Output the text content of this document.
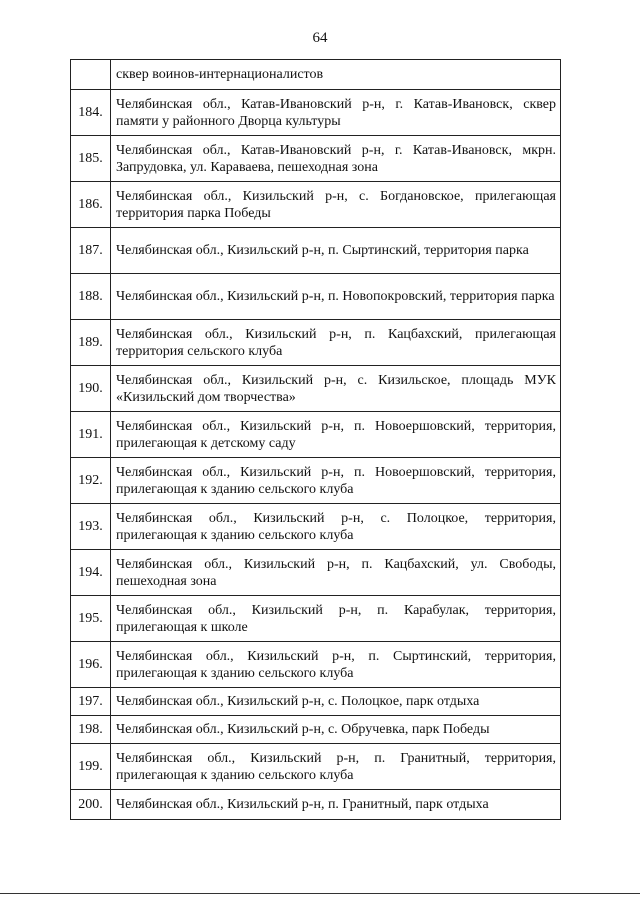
64
	сквер воинов-интернационалистов
184.	Челябинская обл., Катав-Ивановский р-н, г. Катав-Ивановск, сквер памяти у районного Дворца культуры
185.	Челябинская обл., Катав-Ивановский р-н, г. Катав-Ивановск, мкрн. Запрудовка, ул. Караваева, пешеходная зона
186.	Челябинская обл., Кизильский р-н, с. Богдановское, прилегающая территория парка Победы
187.	Челябинская обл., Кизильский р-н, п. Сыртинский, территория парка
188.	Челябинская обл., Кизильский р-н, п. Новопокровский, территория парка
189.	Челябинская обл., Кизильский р-н, п. Кацбахский, прилегающая территория сельского клуба
190.	Челябинская обл., Кизильский р-н, с. Кизильское, площадь МУК «Кизильский дом творчества»
191.	Челябинская обл., Кизильский р-н, п. Новоершовский, территория, прилегающая к детскому саду
192.	Челябинская обл., Кизильский р-н, п. Новоершовский, территория, прилегающая к зданию сельского клуба
193.	Челябинская обл., Кизильский р-н, с. Полоцкое, территория, прилегающая к зданию сельского клуба
194.	Челябинская обл., Кизильский р-н, п. Кацбахский, ул. Свободы, пешеходная зона
195.	Челябинская обл., Кизильский р-н, п. Карабулак, территория, прилегающая к школе
196.	Челябинская обл., Кизильский р-н, п. Сыртинский, территория, прилегающая к зданию сельского клуба
197.	Челябинская обл., Кизильский р-н, с. Полоцкое, парк отдыха
198.	Челябинская обл., Кизильский р-н, с. Обручевка, парк Победы
199.	Челябинская обл., Кизильский р-н, п. Гранитный, территория, прилегающая к зданию сельского клуба
200.	Челябинская обл., Кизильский р-н, п. Гранитный, парк отдыха
